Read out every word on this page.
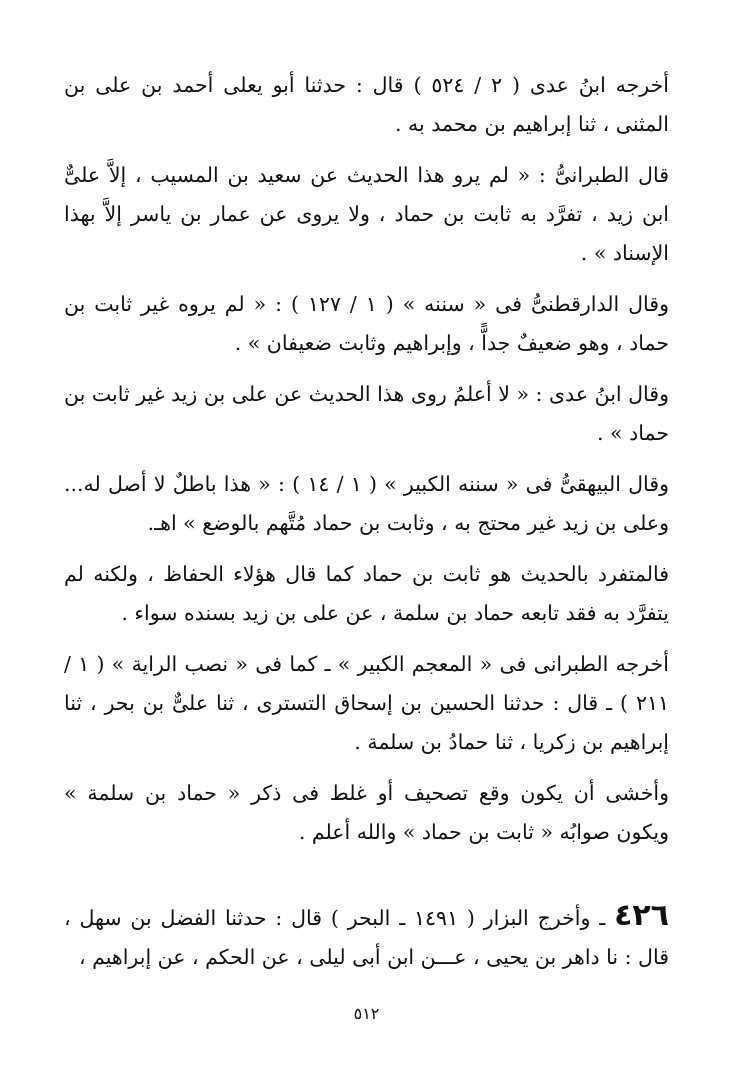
أخرجه ابنُ عدى ( ٢ / ٥٢٤ ) قال : حدثنا أبو يعلى أحمد بن على بن المثنى ، ثنا إبراهيم بن محمد به .

قال الطبرانىُّ : « لم يرو هذا الحديث عن سعيد بن المسيب ، إلاَّ علىٌّ ابن زيد ، تفرَّد به ثابت بن حماد ، ولا يروى عن عمار بن ياسر إلاَّ بهذا الإسناد » .

وقال الدارقطنىُّ فى « سننه » ( ١ / ١٢٧ ) : « لم يروه غير ثابت بن حماد ، وهو ضعيفٌ جداًّ ، وإبراهيم وثابت ضعيفان » .

وقال ابنُ عدى : « لا أعلمُ روى هذا الحديث عن على بن زيد غير ثابت بن حماد » .

وقال البيهقىُّ فى « سننه الكبير » ( ١ / ١٤ ) : « هذا باطلٌ لا أصل له... وعلى بن زيد غير محتج به ، وثابت بن حماد مُتَّهم بالوضع » اهـ.

فالمتفرد بالحديث هو ثابت بن حماد كما قال هؤلاء الحفاظ ، ولكنه لم يتفرَّد به فقد تابعه حماد بن سلمة ، عن على بن زيد بسنده سواء .

أخرجه الطبرانى فى « المعجم الكبير » ـ كما فى « نصب الراية » ( ١ / ٢١١ ) ـ قال : حدثنا الحسين بن إسحاق التسترى ، ثنا علىٌّ بن بحر ، ثنا إبراهيم بن زكريا ، ثنا حمادُ بن سلمة .

وأخشى أن يكون وقع تصحيف أو غلط فى ذكر « حماد بن سلمة » ويكون صوابُه « ثابت بن حماد » والله أعلم .

٤٢٦ ـ وأخرج البزار ( ١٤٩١ ـ البحر ) قال : حدثنا الفضل بن سهل ، قال : نا داهر بن يحيى ، عـــن ابن أبى ليلى ، عن الحكم ، عن إبراهيم ،
٥١٢
